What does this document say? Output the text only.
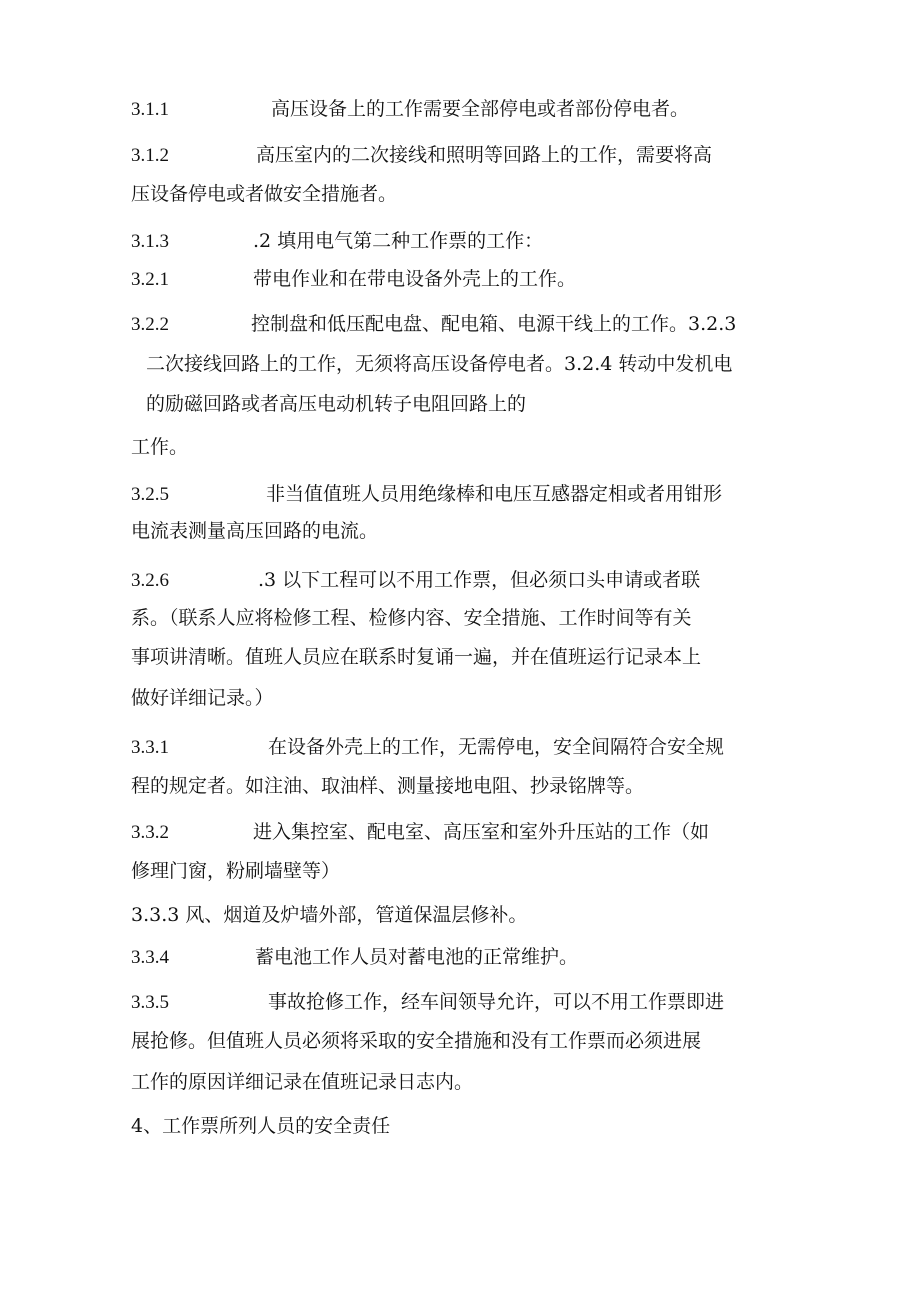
3.1.1	高压设备上的工作需要全部停电或者部份停电者。
3.1.2	高压室内的二次接线和照明等回路上的工作，需要将高
压设备停电或者做安全措施者。
3.1.3	.2 填用电气第二种工作票的工作：
3.2.1	带电作业和在带电设备外壳上的工作。
3.2.2	控制盘和低压配电盘、配电箱、电源干线上的工作。3.2.3
二次接线回路上的工作，无须将高压设备停电者。3.2.4 转动中发机电
的励磁回路或者高压电动机转子电阻回路上的
工作。
3.2.5	非当值值班人员用绝缘棒和电压互感器定相或者用钳形
电流表测量高压回路的电流。
3.2.6	.3 以下工程可以不用工作票，但必须口头申请或者联
系。（联系人应将检修工程、检修内容、安全措施、工作时间等有关
事项讲清晰。值班人员应在联系时复诵一遍，并在值班运行记录本上
做好详细记录。）
3.3.1	在设备外壳上的工作，无需停电，安全间隔符合安全规
程的规定者。如注油、取油样、测量接地电阻、抄录铭牌等。
3.3.2	进入集控室、配电室、高压室和室外升压站的工作（如
修理门窗，粉刷墙壁等）
3.3.3 风、烟道及炉墙外部，管道保温层修补。
3.3.4	蓄电池工作人员对蓄电池的正常维护。
3.3.5	事故抢修工作，经车间领导允许，可以不用工作票即进
展抢修。但值班人员必须将采取的安全措施和没有工作票而必须进展
工作的原因详细记录在值班记录日志内。
4、工作票所列人员的安全责任
